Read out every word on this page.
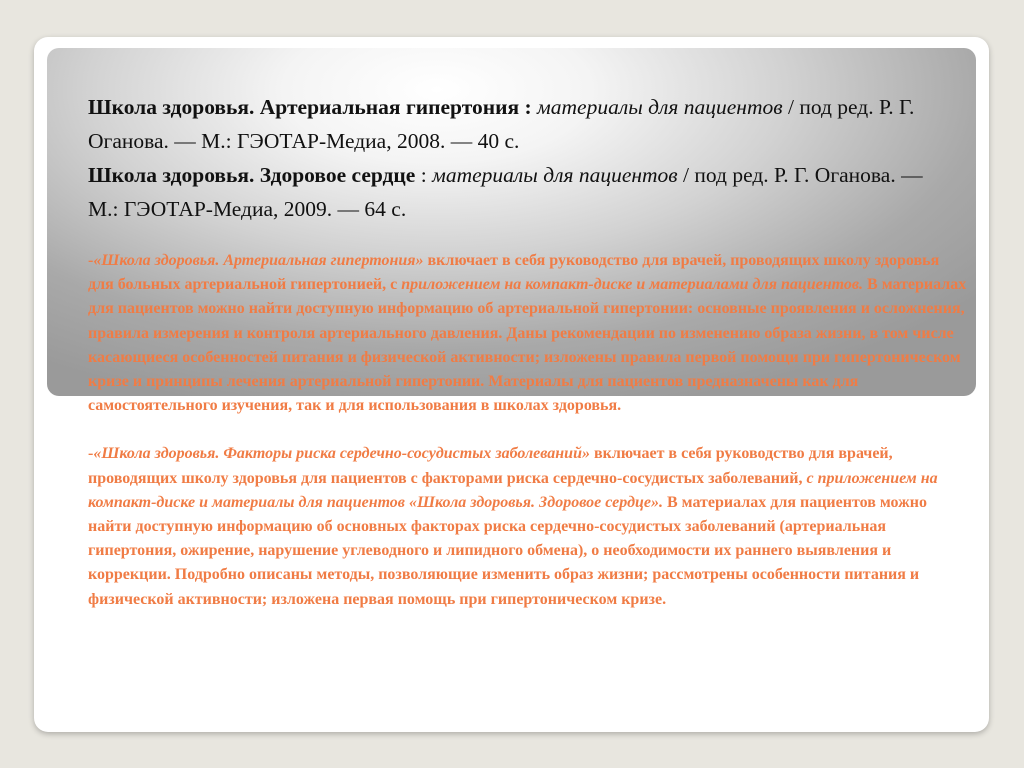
Школа здоровья. Артериальная гипертония : материалы для пациентов / под ред. Р. Г. Оганова. — М.: ГЭОТАР-Медиа, 2008. — 40 с.

Школа здоровья. Здоровое сердце : материалы для пациентов / под ред. Р. Г. Оганова. — М.: ГЭОТАР-Медиа, 2009. — 64 с.

-«Школа здоровья. Артериальная гипертония» включает в себя руководство для врачей, проводящих школу здоровья для больных артериальной гипертонией, с приложением на компакт-диске и материалами для пациентов. В материалах для пациентов можно найти доступную информацию об артериальной гипертонии: основные проявления и осложнения, правила измерения и контроля артериального давления. Даны рекомендации по изменению образа жизни, в том числе касающиеся особенностей питания и физической активности; изложены правила первой помощи при гипертоническом кризе и принципы лечения артериальной гипертонии. Материалы для пациентов предназначены как для самостоятельного изучения, так и для использования в школах здоровья.

-«Школа здоровья. Факторы риска сердечно-сосудистых заболеваний» включает в себя руководство для врачей, проводящих школу здоровья для пациентов с факторами риска сердечно-сосудистых заболеваний, с приложением на компакт-диске и материалы для пациентов «Школа здоровья. Здоровое сердце». В материалах для пациентов можно найти доступную информацию об основных факторах риска сердечно-сосудистых заболеваний (артериальная гипертония, ожирение, нарушение углеводного и липидного обмена), о необходимости их раннего выявления и коррекции. Подробно описаны методы, позволяющие изменить образ жизни; рассмотрены особенности питания и физической активности; изложена первая помощь при гипертоническом кризе.
